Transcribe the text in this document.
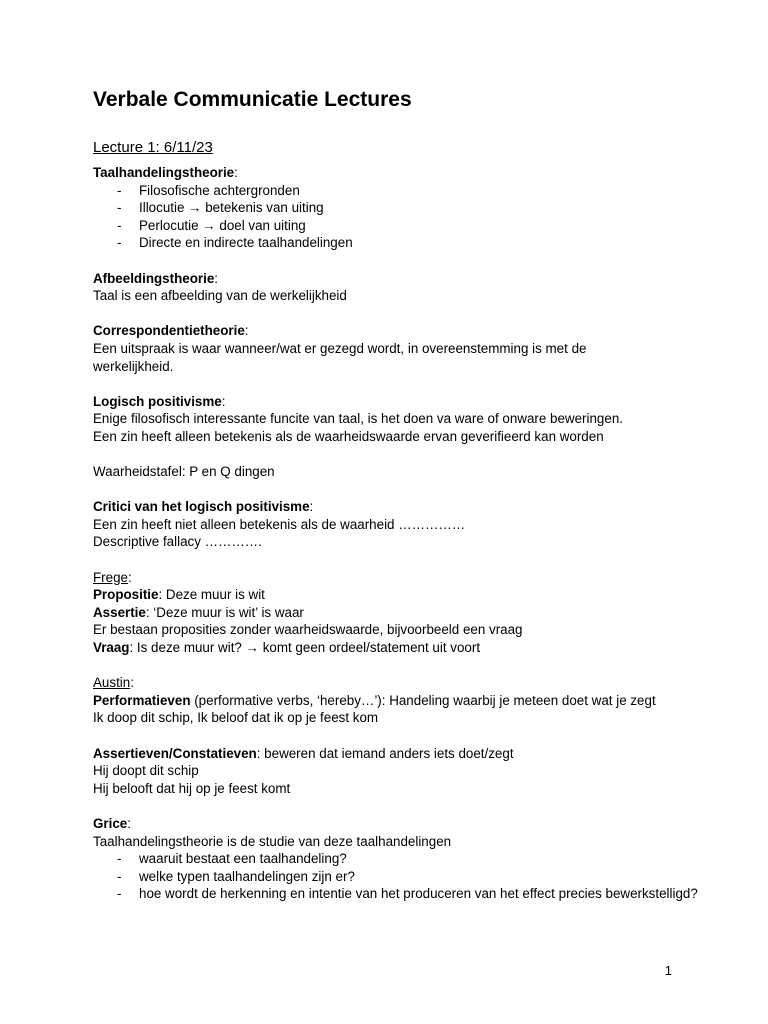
Verbale Communicatie Lectures

Lecture 1: 6/11/23

Taalhandelingstheorie:

- Filosofische achtergronden
- Illocutie → betekenis van uiting
- Perlocutie → doel van uiting
- Directe en indirecte taalhandelingen

Afbeeldingstheorie:

Taal is een afbeelding van de werkelijkheid

Correspondentietheorie:

Een uitspraak is waar wanneer/wat er gezegd wordt, in overeenstemming is met de

werkelijkheid.

Logisch positivisme:

Enige filosofisch interessante funcite van taal, is het doen va ware of onware beweringen.

Een zin heeft alleen betekenis als de waarheidswaarde ervan geverifieerd kan worden

Waarheidstafel: P en Q dingen

Critici van het logisch positivisme:

Een zin heeft niet alleen betekenis als de waarheid ……………

Descriptive fallacy ………….

Frege:

Propositie: Deze muur is wit

Assertie: ‘Deze muur is wit’ is waar

Er bestaan proposities zonder waarheidswaarde, bijvoorbeeld een vraag

Vraag: Is deze muur wit? → komt geen ordeel/statement uit voort

Austin:

Performatieven (performative verbs, ‘hereby…’): Handeling waarbij je meteen doet wat je zegt

Ik doop dit schip, Ik beloof dat ik op je feest kom

Assertieven/Constatieven: beweren dat iemand anders iets doet/zegt

Hij doopt dit schip

Hij belooft dat hij op je feest komt

Grice:

Taalhandelingstheorie is de studie van deze taalhandelingen

- waaruit bestaat een taalhandeling?
- welke typen taalhandelingen zijn er?
- hoe wordt de herkenning en intentie van het produceren van het effect precies bewerkstelligd?
1
